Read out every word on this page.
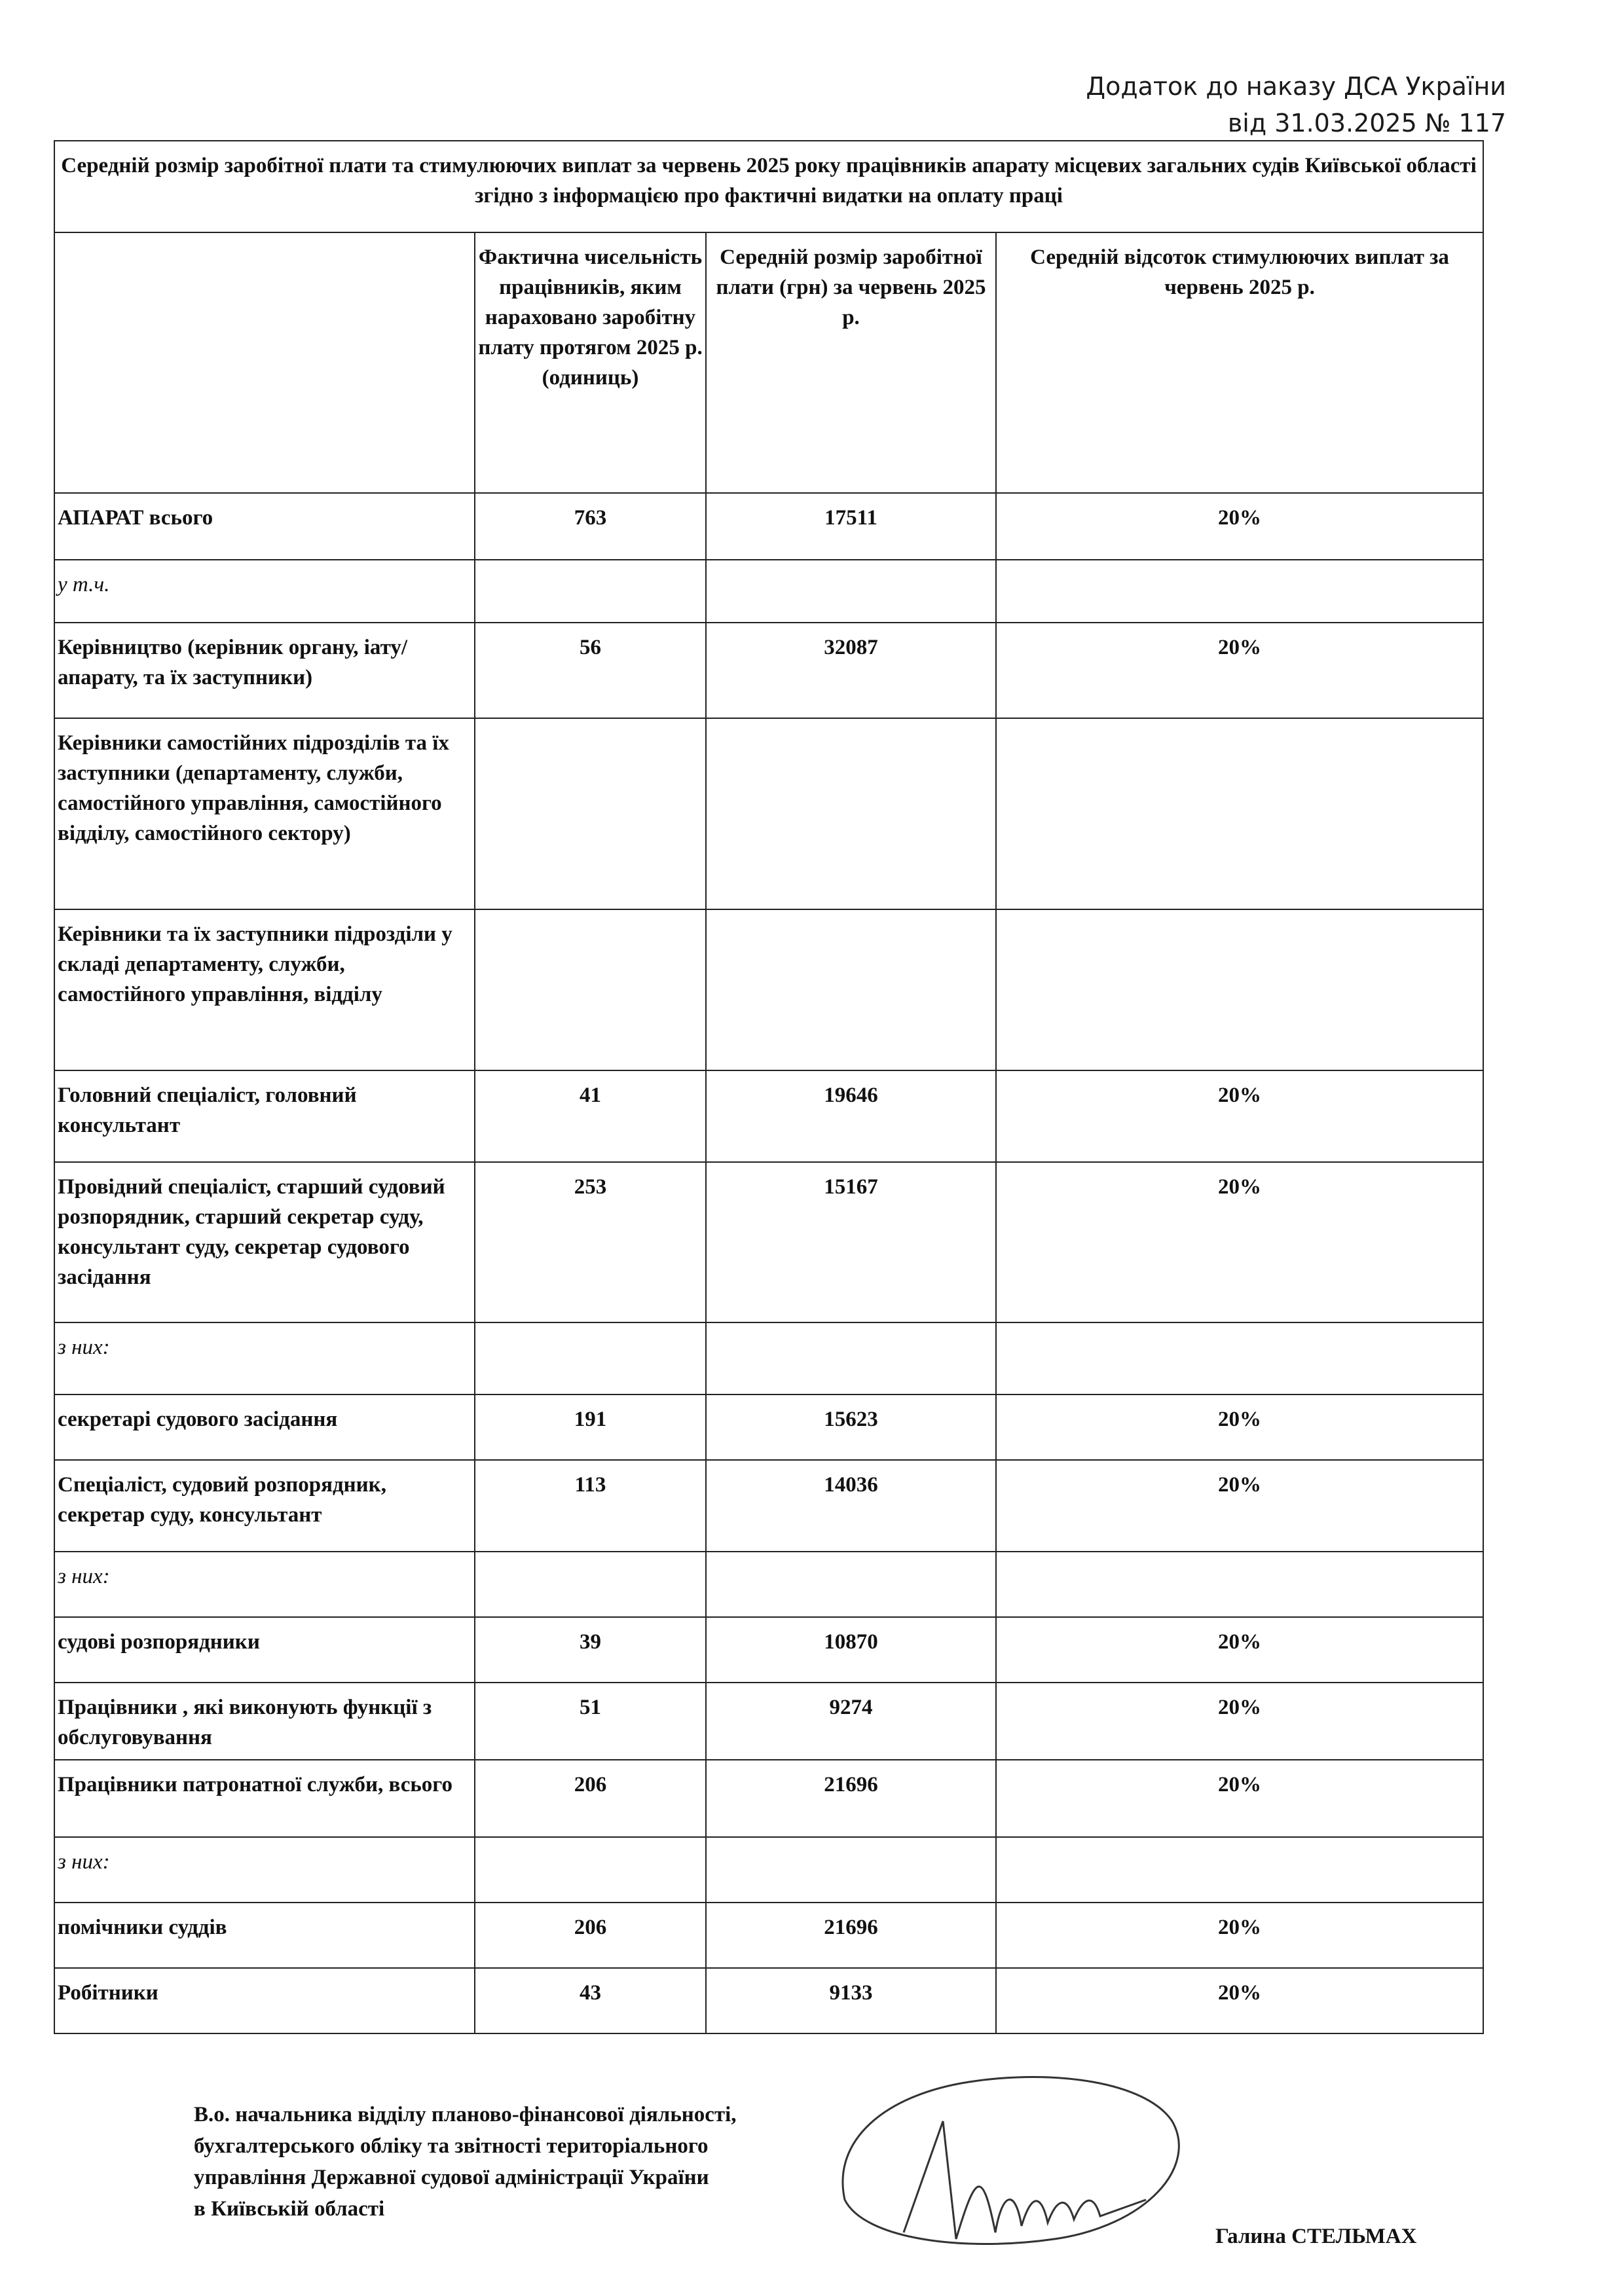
Додаток до наказу ДСА України
від 31.03.2025 № 117
Середній розмір заробітної плати та стимулюючих виплат за червень 2025 року працівників апарату місцевих загальних судів Київської області згідно з інформацією про фактичні видатки на оплату праці			
	Фактична чисельність працівників, яким нараховано заробітну плату протягом 2025 р. (одиниць)	Середній розмір заробітної плати (грн) за червень 2025 р.	Середній відсоток стимулюючих виплат за червень 2025 р.
АПАРАТ всього	763	17511	20%
у т.ч.			
Керівництво (керівник органу, іату/апарату, та їх заступники)	56	32087	20%
Керівники самостійних підрозділів та їх заступники (департаменту, служби, самостійного управління, самостійного відділу, самостійного сектору)			
Керівники та їх заступники підрозділи у складі департаменту, служби, самостійного управління, відділу			
Головний спеціаліст, головний консультант	41	19646	20%
Провідний спеціаліст, старший судовий розпорядник, старший секретар суду, консультант суду, секретар судового засідання	253	15167	20%
з них:			
секретарі судового засідання	191	15623	20%
Спеціаліст, судовий розпорядник, секретар суду, консультант	113	14036	20%
з них:			
судові розпорядники	39	10870	20%
Працівники , які виконують функції з обслуговування	51	9274	20%
Працівники патронатної служби, всього	206	21696	20%
з них:			
помічники суддів	206	21696	20%
Робітники	43	9133	20%
В.о. начальника відділу планово-фінансової діяльності,
бухгалтерського обліку та звітності територіального
управління Державної судової адміністрації України
в Київській області
Галина СТЕЛЬМАХ
